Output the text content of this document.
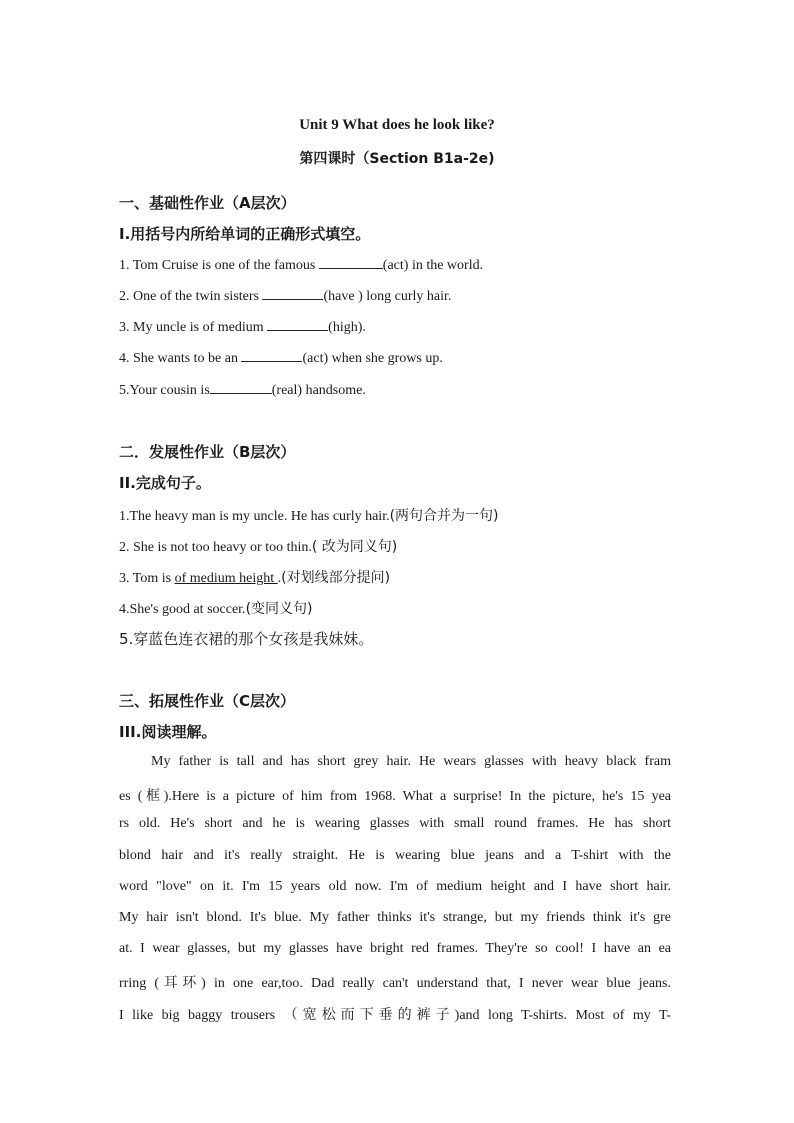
Unit 9 What does he look like?
第四课时（Section B1a-2e)
一、基础性作业（A层次）
I.用括号内所给单词的正确形式填空。
1. Tom Cruise is one of the famous	(act) in the world.
2. One of the twin sisters	(have ) long curly hair.
3. My uncle is of medium	(high).
4. She wants to be an	(act) when she grows up.
5.Your cousin is	(real) handsome.
二．发展性作业（B层次）
II.完成句子。
1.The heavy man is my uncle. He has curly hair.(两句合并为一句)
2. She is not too heavy or too thin.( 改为同义句)
3. Tom is of medium height .(对划线部分提问)
4.She's good at soccer.(变同义句)
5.穿蓝色连衣裙的那个女孩是我妹妹。
三、拓展性作业（C层次）
III.阅读理解。
My father is tall and has short grey hair. He wears glasses with heavy black fram
es (框).Here is a picture of him from 1968. What a surprise! In the picture, he's 15 yea
rs old. He's short and he is wearing glasses with small round frames. He has short
blond hair and it's really straight. He is wearing blue jeans and a T-shirt with the
word "love" on it. I'm 15 years old now. I'm of medium height and I have short hair.
My hair isn't blond. It's blue. My father thinks it's strange, but my friends think it's gre
at. I wear glasses, but my glasses have bright red frames. They're so cool! I have an ea
rring (耳环) in one ear,too. Dad really can't understand that, I never wear blue jeans.
I like big baggy trousers （宽松而下垂的裤子)and long T-shirts. Most of my T-
